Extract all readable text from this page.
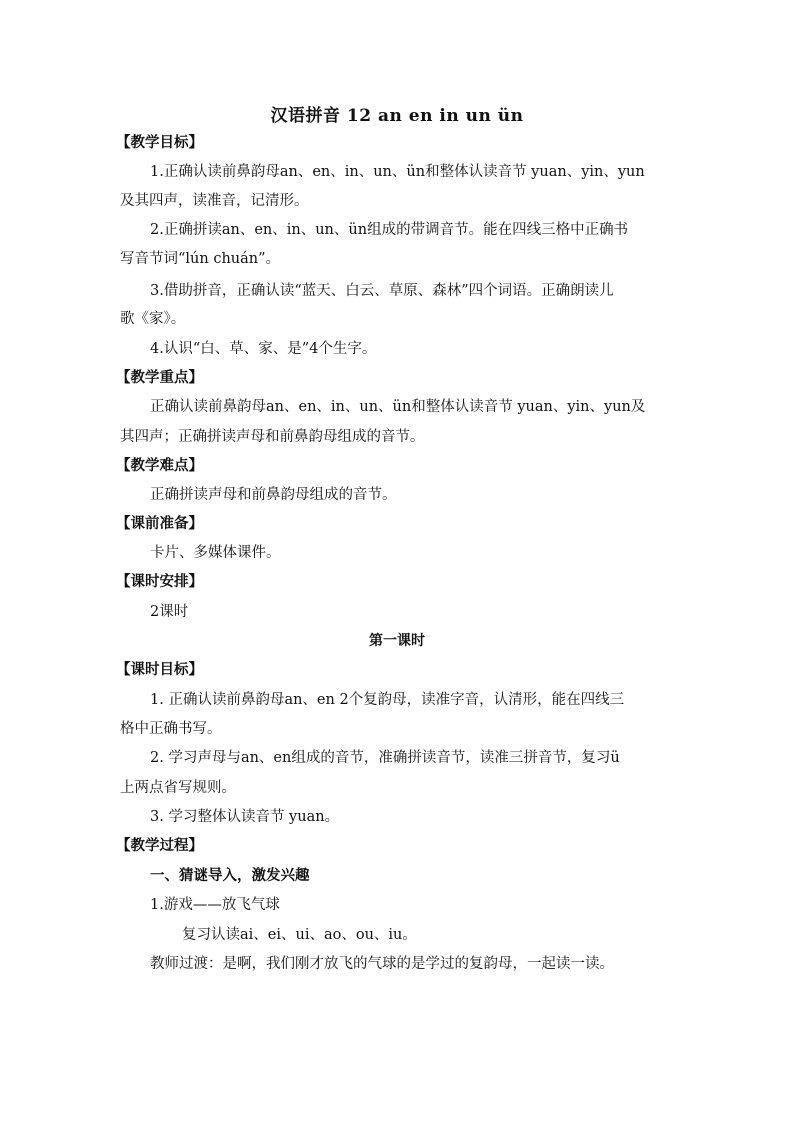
汉语拼音 12 an en in un ün
【教学目标】
1.正确认读前鼻韵母an、en、in、un、ün和整体认读音节 yuan、yin、yun
及其四声，读准音，记清形。
2.正确拼读an、en、in、un、ün组成的带调音节。能在四线三格中正确书
写音节词“lún chuán”。
3.借助拼音，正确认读“蓝天、白云、草原、森林”四个词语。正确朗读儿
歌《家》。
4.认识“白、草、家、是”4个生字。
【教学重点】
正确认读前鼻韵母an、en、in、un、ün和整体认读音节 yuan、yin、yun及
其四声；正确拼读声母和前鼻韵母组成的音节。
【教学难点】
正确拼读声母和前鼻韵母组成的音节。
【课前准备】
卡片、多媒体课件。
【课时安排】
2课时
第一课时
【课时目标】
1. 正确认读前鼻韵母an、en 2个复韵母，读准字音，认清形，能在四线三
格中正确书写。
2. 学习声母与an、en组成的音节，准确拼读音节，读准三拼音节，复习ü
上两点省写规则。
3. 学习整体认读音节 yuan。
【教学过程】
一、猜谜导入，激发兴趣
1.游戏——放飞气球
复习认读ai、ei、ui、ao、ou、iu。
教师过渡：是啊，我们刚才放飞的气球的是学过的复韵母，一起读一读。
